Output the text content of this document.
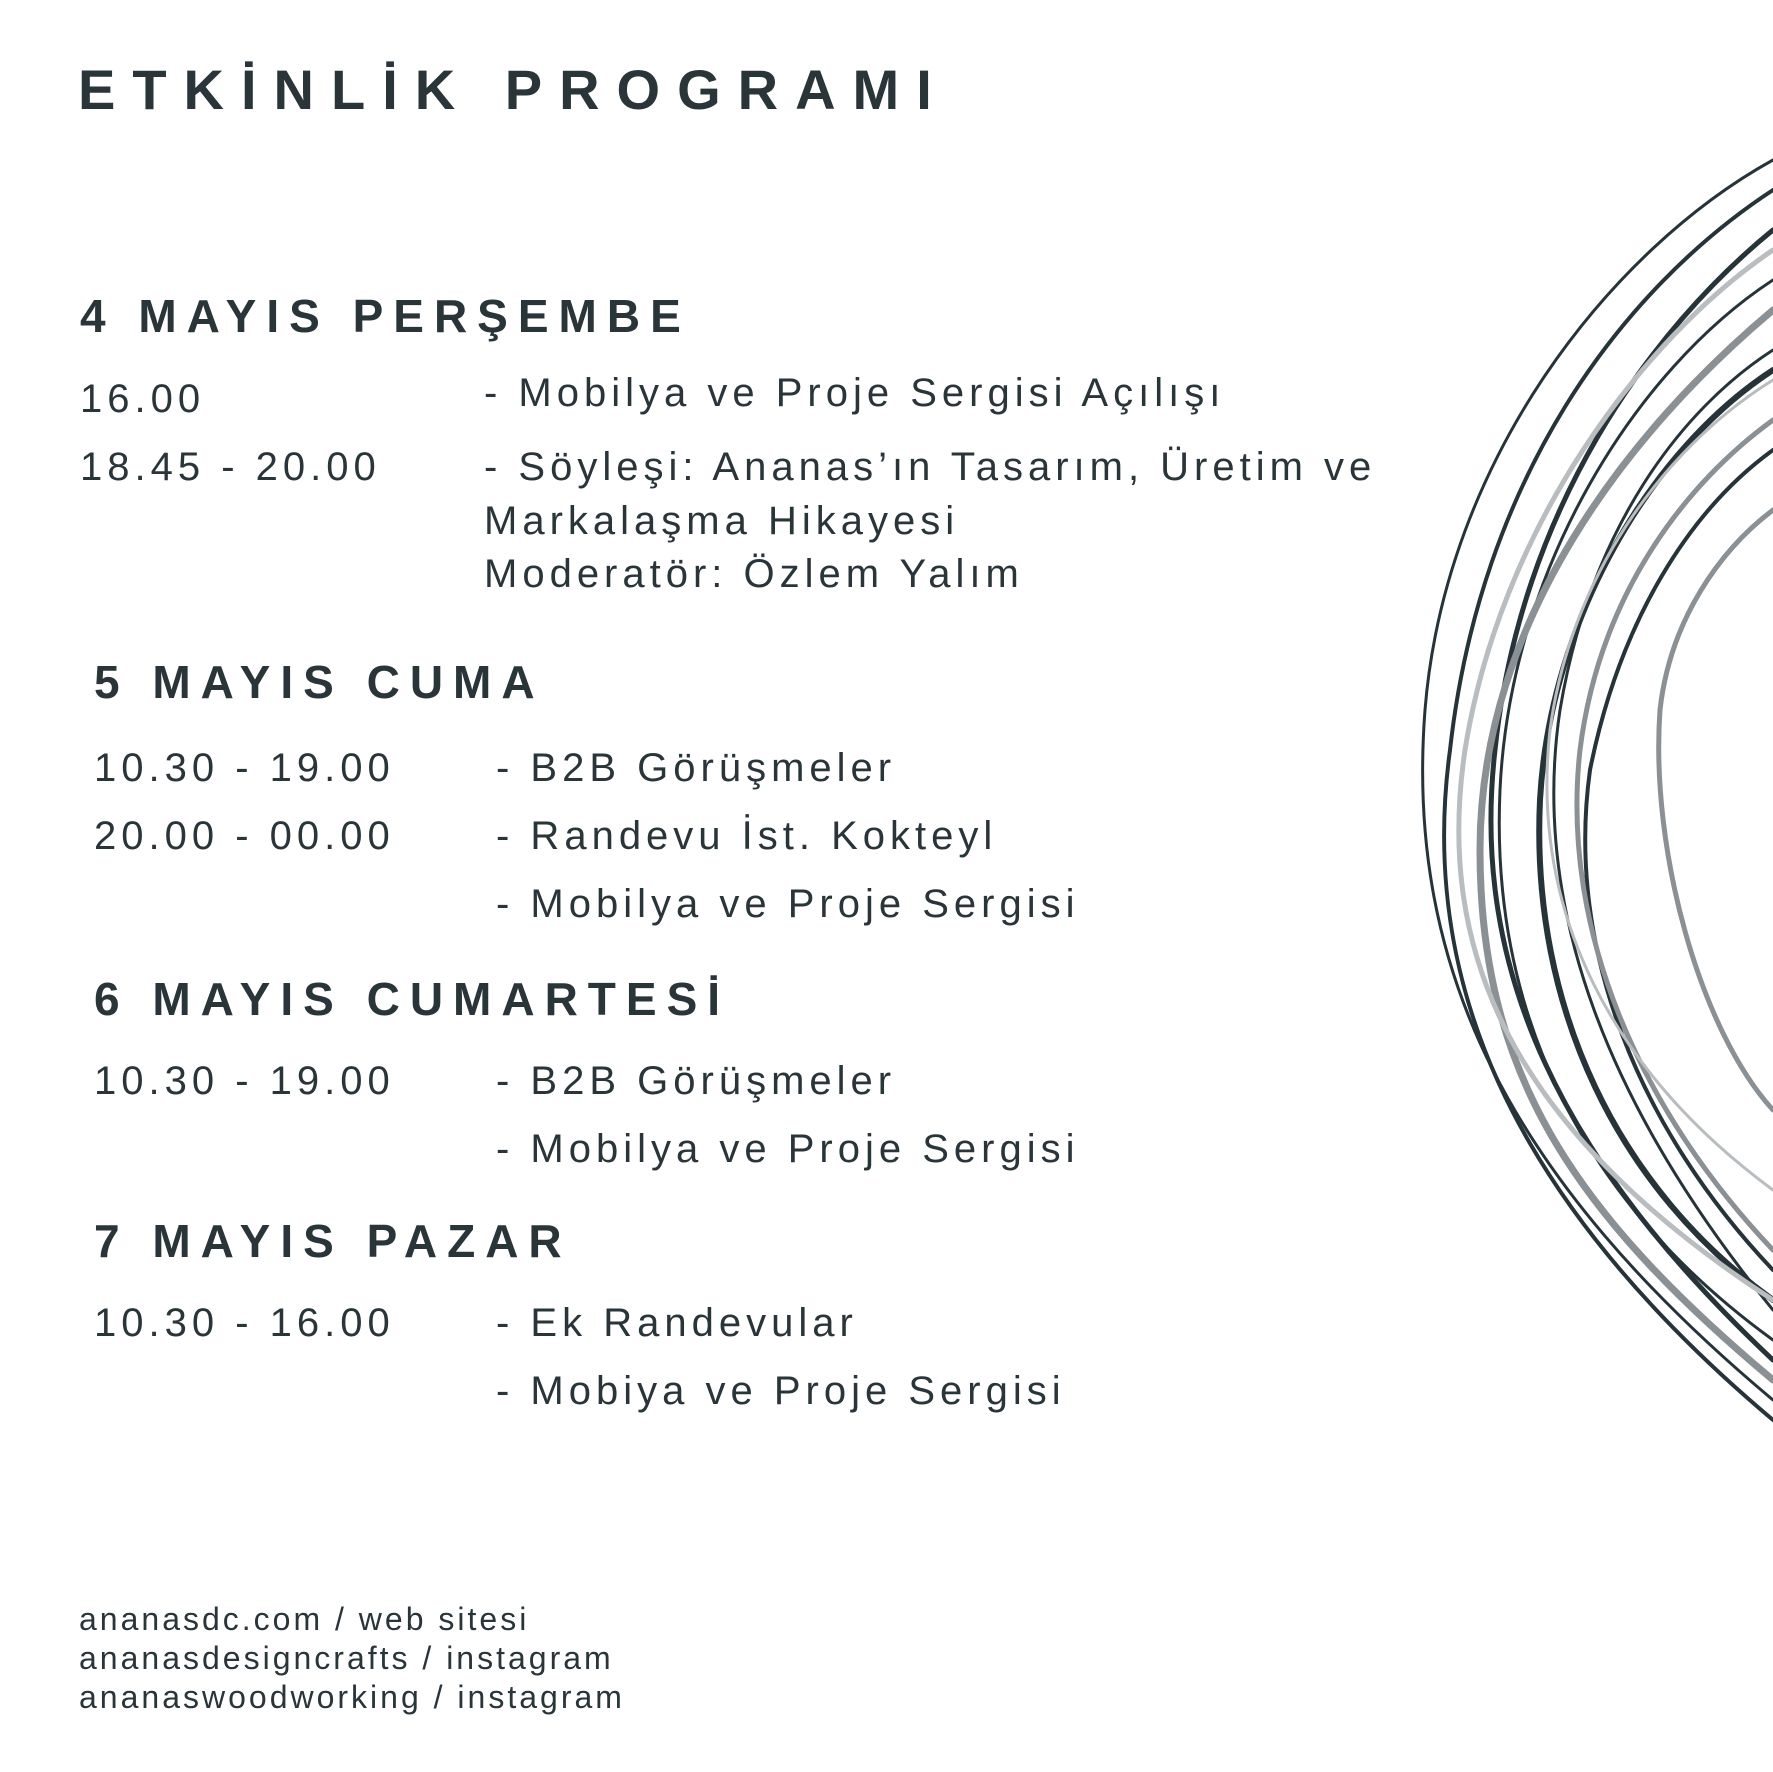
ETKİNLİK PROGRAMI
4 MAYIS PERŞEMBE
16.00	- Mobilya ve Proje Sergisi Açılışı
18.45 - 20.00	- Söyleşi: Ananas’ın Tasarım, Üretim ve
Markalaşma Hikayesi
Moderatör: Özlem Yalım
5 MAYIS CUMA
10.30 - 19.00	- B2B Görüşmeler
20.00 - 00.00	- Randevu İst. Kokteyl
- Mobilya ve Proje Sergisi
6 MAYIS CUMARTESİ
10.30 - 19.00	- B2B Görüşmeler
- Mobilya ve Proje Sergisi
7 MAYIS PAZAR
10.30 - 16.00	- Ek Randevular
- Mobiya ve Proje Sergisi
ananasdc.com / web sitesi
ananasdesigncrafts / instagram
ananaswoodworking / instagram
